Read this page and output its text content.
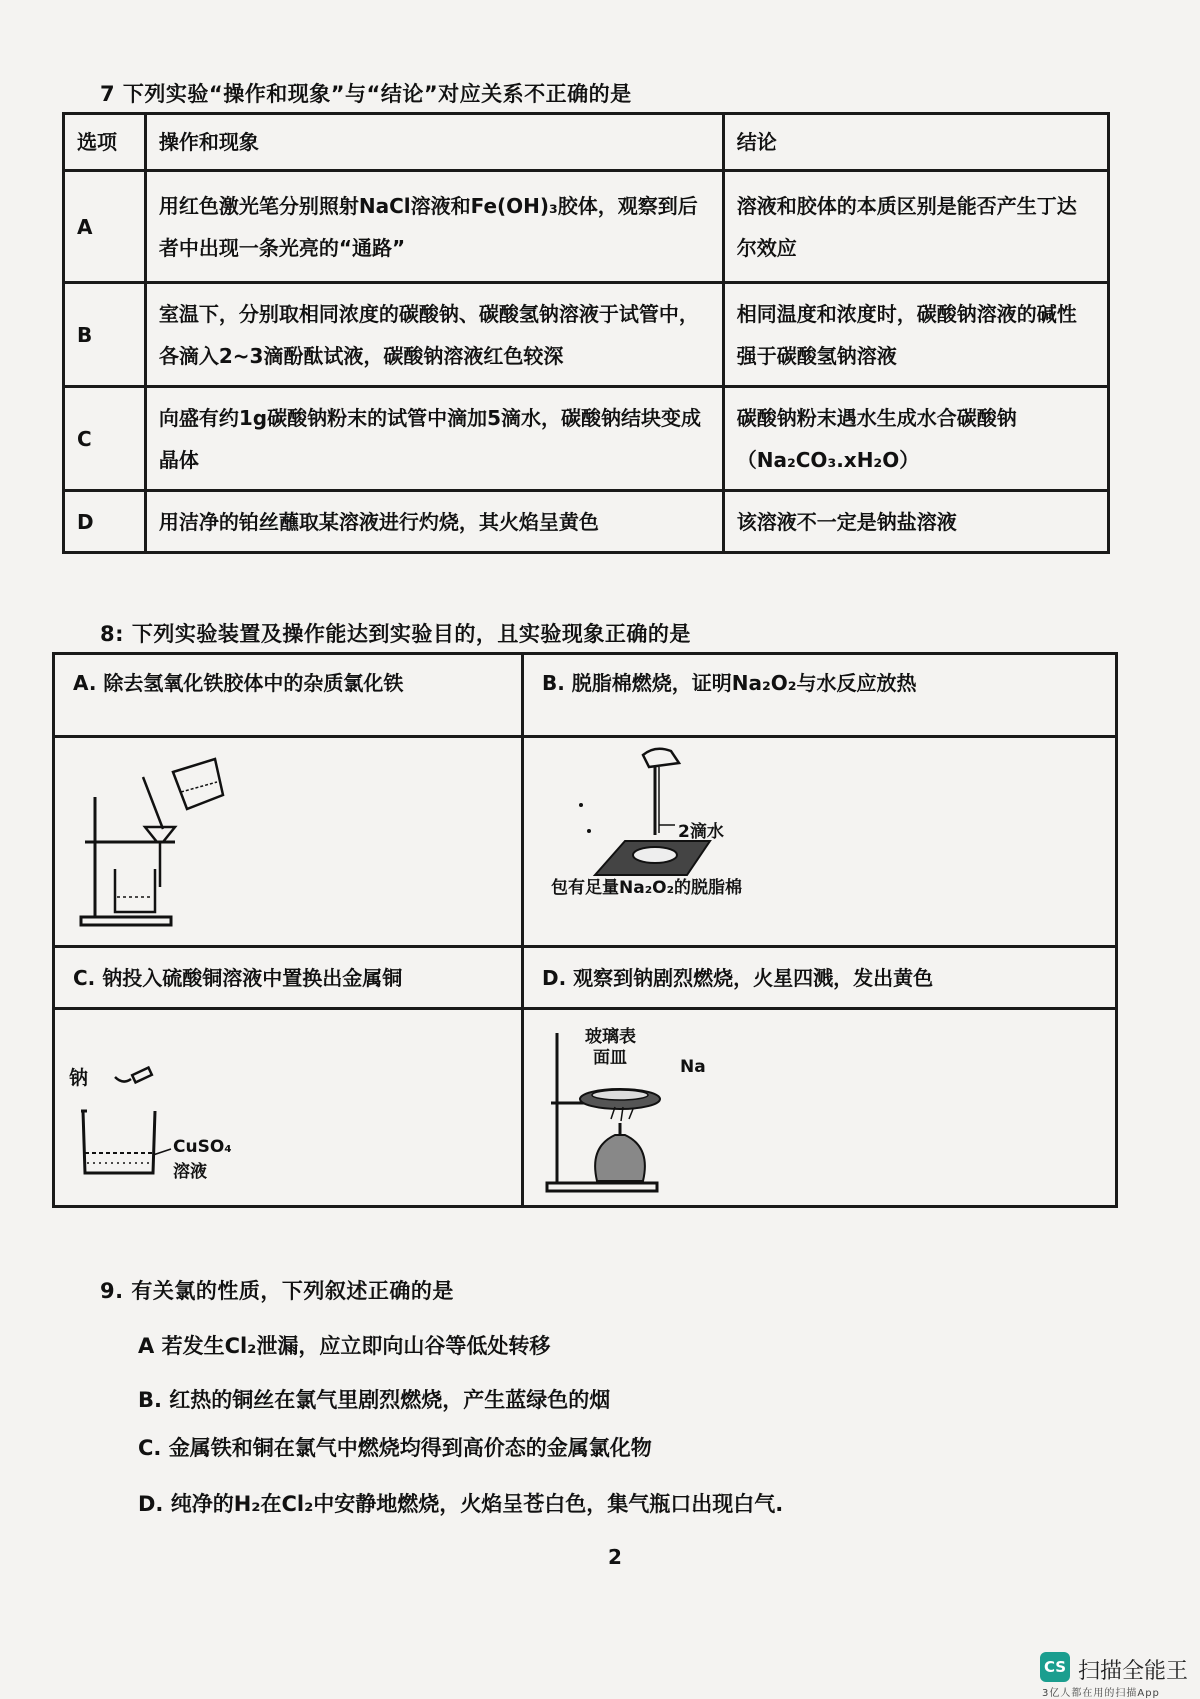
7 下列实验“操作和现象”与“结论”对应关系不正确的是
选项	操作和现象	结论
A	用红色激光笔分别照射NaCl溶液和Fe(OH)₃胶体，观察到后者中出现一条光亮的“通路”	溶液和胶体的本质区别是能否产生丁达尔效应
B	室温下，分别取相同浓度的碳酸钠、碳酸氢钠溶液于试管中，各滴入2~3滴酚酞试液，碳酸钠溶液红色较深	相同温度和浓度时，碳酸钠溶液的碱性强于碳酸氢钠溶液
C	向盛有约1g碳酸钠粉末的试管中滴加5滴水，碳酸钠结块变成晶体	碳酸钠粉末遇水生成水合碳酸钠（Na₂CO₃.xH₂O）
D	用洁净的铂丝蘸取某溶液进行灼烧，其火焰呈黄色	该溶液不一定是钠盐溶液
8: 下列实验装置及操作能达到实验目的，且实验现象正确的是
A. 除去氢氧化铁胶体中的杂质氯化铁	B. 脱脂棉燃烧，证明Na₂O₂与水反应放热
C. 钠投入硫酸铜溶液中置换出金属铜	D. 观察到钠剧烈燃烧，火星四溅，发出黄色
2滴水
包有足量Na₂O₂的脱脂棉
钠
CuSO₄
溶液
玻璃表
面皿	Na
9. 有关氯的性质，下列叙述正确的是
A 若发生Cl₂泄漏，应立即向山谷等低处转移
B. 红热的铜丝在氯气里剧烈燃烧，产生蓝绿色的烟
C. 金属铁和铜在氯气中燃烧均得到高价态的金属氯化物
D. 纯净的H₂在Cl₂中安静地燃烧，火焰呈苍白色，集气瓶口出现白气.
2
CS 扫描全能王
3亿人都在用的扫描App
